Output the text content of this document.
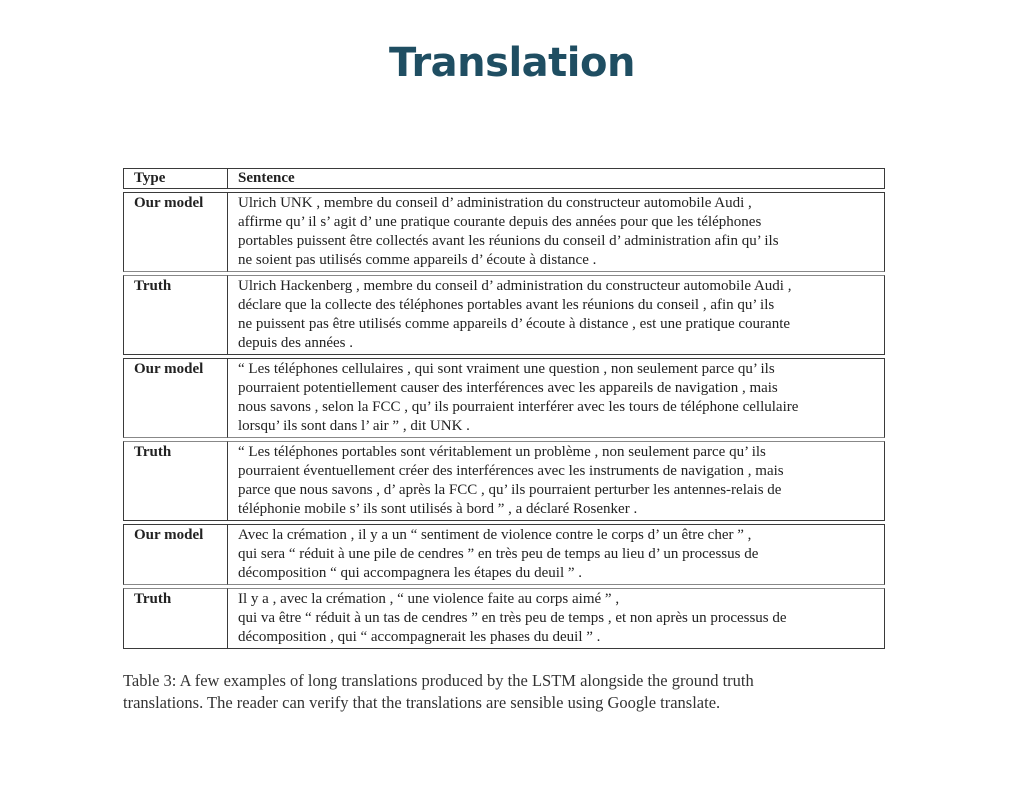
Translation
Type	Sentence
Our model	Ulrich UNK , membre du conseil d’ administration du constructeur automobile Audi ,
affirme qu’ il s’ agit d’ une pratique courante depuis des années pour que les téléphones
portables puissent être collectés avant les réunions du conseil d’ administration afin qu’ ils
ne soient pas utilisés comme appareils d’ écoute à distance .

Truth	Ulrich Hackenberg , membre du conseil d’ administration du constructeur automobile Audi ,
déclare que la collecte des téléphones portables avant les réunions du conseil , afin qu’ ils
ne puissent pas être utilisés comme appareils d’ écoute à distance , est une pratique courante
depuis des années .

Our model	“ Les téléphones cellulaires , qui sont vraiment une question , non seulement parce qu’ ils
pourraient potentiellement causer des interférences avec les appareils de navigation , mais
nous savons , selon la FCC , qu’ ils pourraient interférer avec les tours de téléphone cellulaire
lorsqu’ ils sont dans l’ air ” , dit UNK .

Truth	“ Les téléphones portables sont véritablement un problème , non seulement parce qu’ ils
pourraient éventuellement créer des interférences avec les instruments de navigation , mais
parce que nous savons , d’ après la FCC , qu’ ils pourraient perturber les antennes-relais de
téléphonie mobile s’ ils sont utilisés à bord ” , a déclaré Rosenker .

Our model	Avec la crémation , il y a un “ sentiment de violence contre le corps d’ un être cher ” ,
qui sera “ réduit à une pile de cendres ” en très peu de temps au lieu d’ un processus de
décomposition “ qui accompagnera les étapes du deuil ” .

Truth	Il y a , avec la crémation , “ une violence faite au corps aimé ” ,
qui va être “ réduit à un tas de cendres ” en très peu de temps , et non après un processus de
décomposition , qui “ accompagnerait les phases du deuil ” .
Table 3: A few examples of long translations produced by the LSTM alongside the ground truth
translations. The reader can verify that the translations are sensible using Google translate.
